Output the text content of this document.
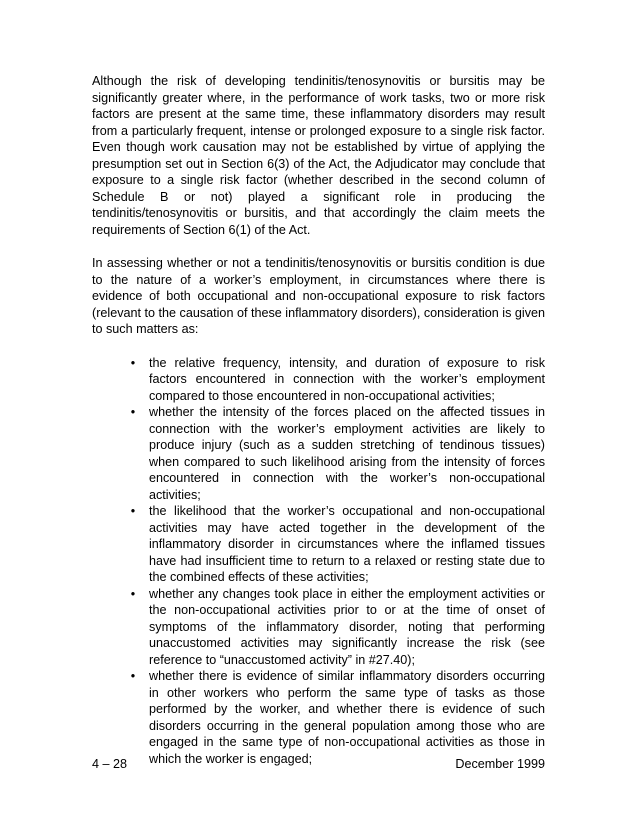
Although the risk of developing tendinitis/tenosynovitis or bursitis may be significantly greater where, in the performance of work tasks, two or more risk factors are present at the same time, these inflammatory disorders may result from a particularly frequent, intense or prolonged exposure to a single risk factor. Even though work causation may not be established by virtue of applying the presumption set out in Section 6(3) of the Act, the Adjudicator may conclude that exposure to a single risk factor (whether described in the second column of Schedule B or not) played a significant role in producing the tendinitis/tenosynovitis or bursitis, and that accordingly the claim meets the requirements of Section 6(1) of the Act.

In assessing whether or not a tendinitis/tenosynovitis or bursitis condition is due to the nature of a worker’s employment, in circumstances where there is evidence of both occupational and non-occupational exposure to risk factors (relevant to the causation of these inflammatory disorders), consideration is given to such matters as:

• the relative frequency, intensity, and duration of exposure to risk factors encountered in connection with the worker’s employment compared to those encountered in non-occupational activities;
• whether the intensity of the forces placed on the affected tissues in connection with the worker’s employment activities are likely to produce injury (such as a sudden stretching of tendinous tissues) when compared to such likelihood arising from the intensity of forces encountered in connection with the worker’s non-occupational activities;
• the likelihood that the worker’s occupational and non-occupational activities may have acted together in the development of the inflammatory disorder in circumstances where the inflamed tissues have had insufficient time to return to a relaxed or resting state due to the combined effects of these activities;
• whether any changes took place in either the employment activities or the non-occupational activities prior to or at the time of onset of symptoms of the inflammatory disorder, noting that performing unaccustomed activities may significantly increase the risk (see reference to “unaccustomed activity” in #27.40);
• whether there is evidence of similar inflammatory disorders occurring in other workers who perform the same type of tasks as those performed by the worker, and whether there is evidence of such disorders occurring in the general population among those who are engaged in the same type of non-occupational activities as those in which the worker is engaged;
4 – 28	December 1999
